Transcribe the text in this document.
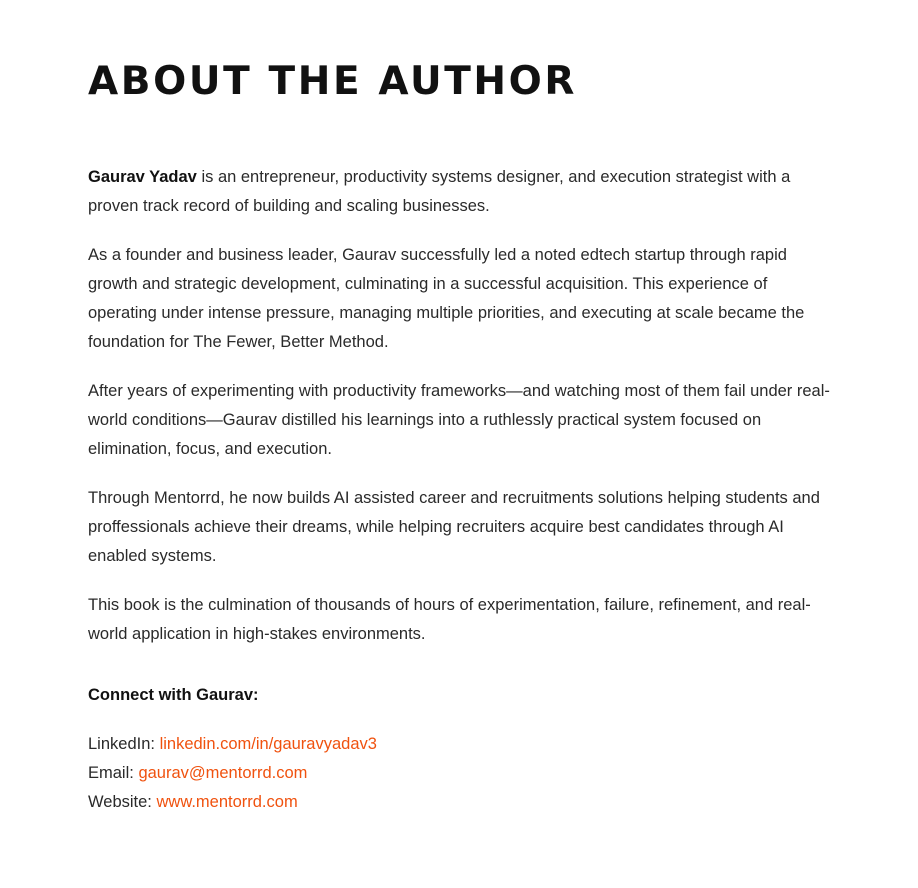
ABOUT THE AUTHOR

Gaurav Yadav is an entrepreneur, productivity systems designer, and execution strategist with a proven track record of building and scaling businesses.

As a founder and business leader, Gaurav successfully led a noted edtech startup through rapid growth and strategic development, culminating in a successful acquisition. This experience of operating under intense pressure, managing multiple priorities, and executing at scale became the foundation for The Fewer, Better Method.

After years of experimenting with productivity frameworks—and watching most of them fail under real-world conditions—Gaurav distilled his learnings into a ruthlessly practical system focused on elimination, focus, and execution.

Through Mentorrd, he now builds AI assisted career and recruitments solutions helping students and proffessionals achieve their dreams, while helping recruiters acquire best candidates through AI enabled systems.

This book is the culmination of thousands of hours of experimentation, failure, refinement, and real-world application in high-stakes environments.

Connect with Gaurav:
LinkedIn: linkedin.com/in/gauravyadav3
Email: gaurav@mentorrd.com
Website: www.mentorrd.com
